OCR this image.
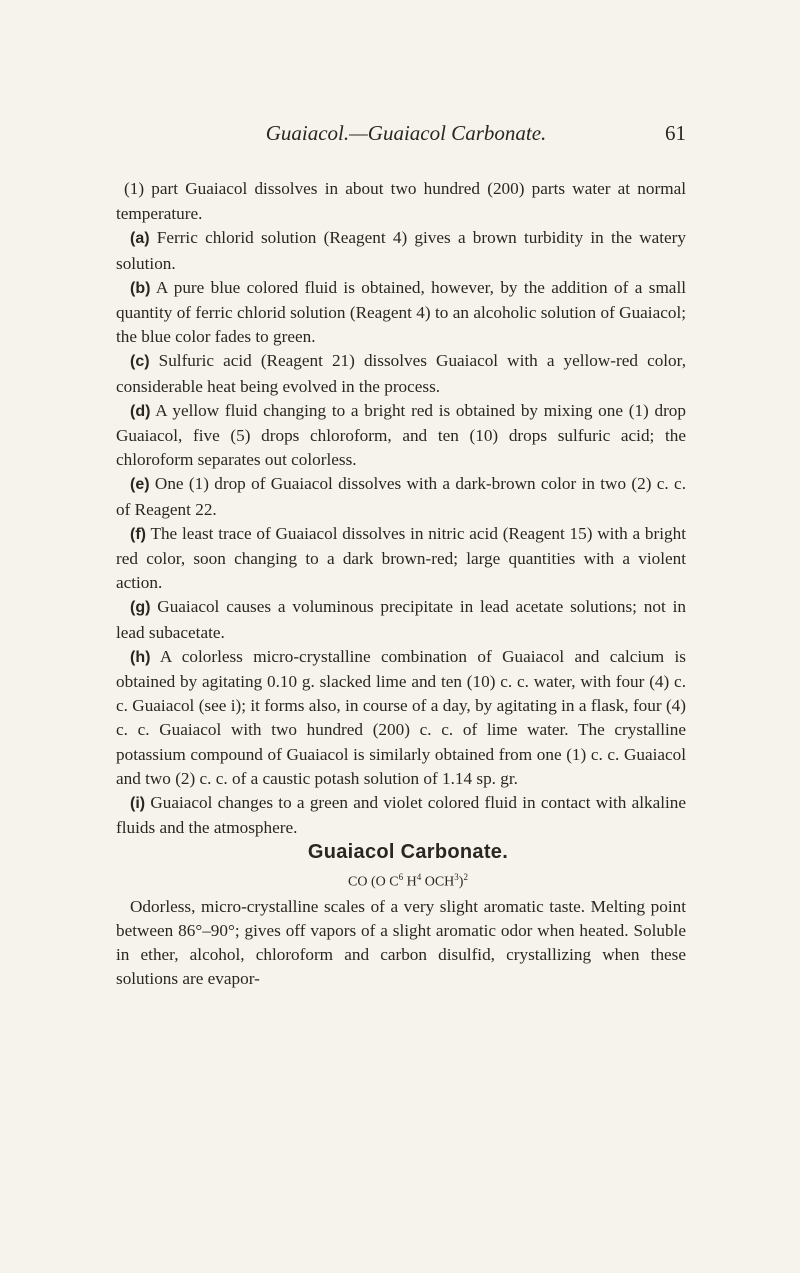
Guaiacol.—Guaiacol Carbonate.	61

(1) part Guaiacol dissolves in about two hundred (200) parts water at normal temperature.

(a) Ferric chlorid solution (Reagent 4) gives a brown turbidity in the watery solution.

(b) A pure blue colored fluid is obtained, however, by the addition of a small quantity of ferric chlorid solution (Reagent 4) to an alcoholic solution of Guaiacol; the blue color fades to green.

(c) Sulfuric acid (Reagent 21) dissolves Guaiacol with a yellow-red color, considerable heat being evolved in the process.

(d) A yellow fluid changing to a bright red is obtained by mixing one (1) drop Guaiacol, five (5) drops chloroform, and ten (10) drops sulfuric acid; the chloroform separates out colorless.

(e) One (1) drop of Guaiacol dissolves with a dark-brown color in two (2) c. c. of Reagent 22.

(f) The least trace of Guaiacol dissolves in nitric acid (Reagent 15) with a bright red color, soon changing to a dark brown-red; large quantities with a violent action.

(g) Guaiacol causes a voluminous precipitate in lead acetate solutions; not in lead subacetate.

(h) A colorless micro-crystalline combination of Guaiacol and calcium is obtained by agitating 0.10 g. slacked lime and ten (10) c. c. water, with four (4) c. c. Guaiacol (see i); it forms also, in course of a day, by agitating in a flask, four (4) c. c. Guaiacol with two hundred (200) c. c. of lime water. The crystalline potassium compound of Guaiacol is similarly obtained from one (1) c. c. Guaiacol and two (2) c. c. of a caustic potash solution of 1.14 sp. gr.

(i) Guaiacol changes to a green and violet colored fluid in contact with alkaline fluids and the atmosphere.

Guaiacol Carbonate.

CO (O $C^6$ $H^4$ OCH$^3$)$^2$

Odorless, micro-crystalline scales of a very slight aromatic taste. Melting point between 86°–90°; gives off vapors of a slight aromatic odor when heated. Soluble in ether, alcohol, chloroform and carbon disulfid, crystallizing when these solutions are evapor-
